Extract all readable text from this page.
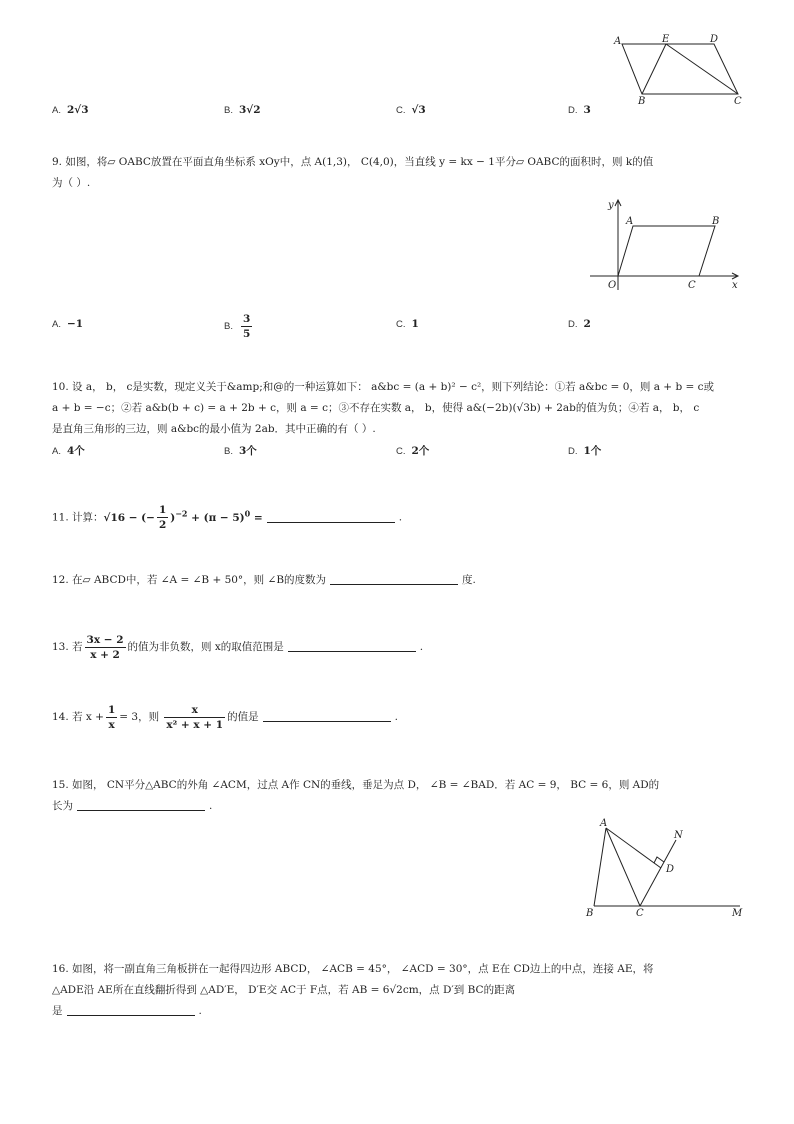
A	E	D
B	C
A. 2√3	B. 3√2	C. √3	D. 3
9. 如图，将▱ OABC放置在平面直角坐标系 xOy中，点 A(1,3)， C(4,0)，当直线 y = kx − 1平分▱ OABC的面积时，则 k的值
为（ ）.
y
A	B
O	C	x
A. −1	B. $\frac{3}{5}$	C. 1	D. 2
10. 设 a， b， c是实数，现定义关于&amp;和@的一种运算如下： a&bc = (a + b)² − c²，则下列结论：①若 a&bc = 0，则 a + b = c或
a + b = −c；②若 a&b(b + c) = a + 2b + c，则 a = c；③不存在实数 a， b，使得 a&(−2b)(√3b) + 2ab的值为负；④若 a， b， c
是直角三角形的三边，则 a&bc的最小值为 2ab．其中正确的有（ ）.
A. 4个	B. 3个	C. 2个	D. 1个
11. 计算：√16 − (− $\frac{1}{2} )^{-2} + (\pi - 5)^0$ =	.
12. 在▱ ABCD中，若 ∠A = ∠B + 50°，则 ∠B的度数为	度.
13. 若 $\frac{3x - 2}{x + 2}$ 的值为非负数，则 x的取值范围是	.
14. 若 $x + \frac{1}{x} = 3$，则 $\frac{x}{\text{x² + x + 1}}$ 的值是	.
15. 如图， CN平分△ABC的外角 ∠ACM，过点 A作 CN的垂线，垂足为点 D， ∠B = ∠BAD．若 AC = 9， BC = 6，则 AD的
长为	.
A
N
D
B	C	M
16. 如图，将一副直角三角板拼在一起得四边形 ABCD， ∠ACB = 45°， ∠ACD = 30°，点 E在 CD边上的中点，连接 AE，将
△ADE沿 AE所在直线翻折得到 △AD′E， D′E交 AC于 F点，若 AB = 6√2cm，点 D′到 BC的距离
是	.
